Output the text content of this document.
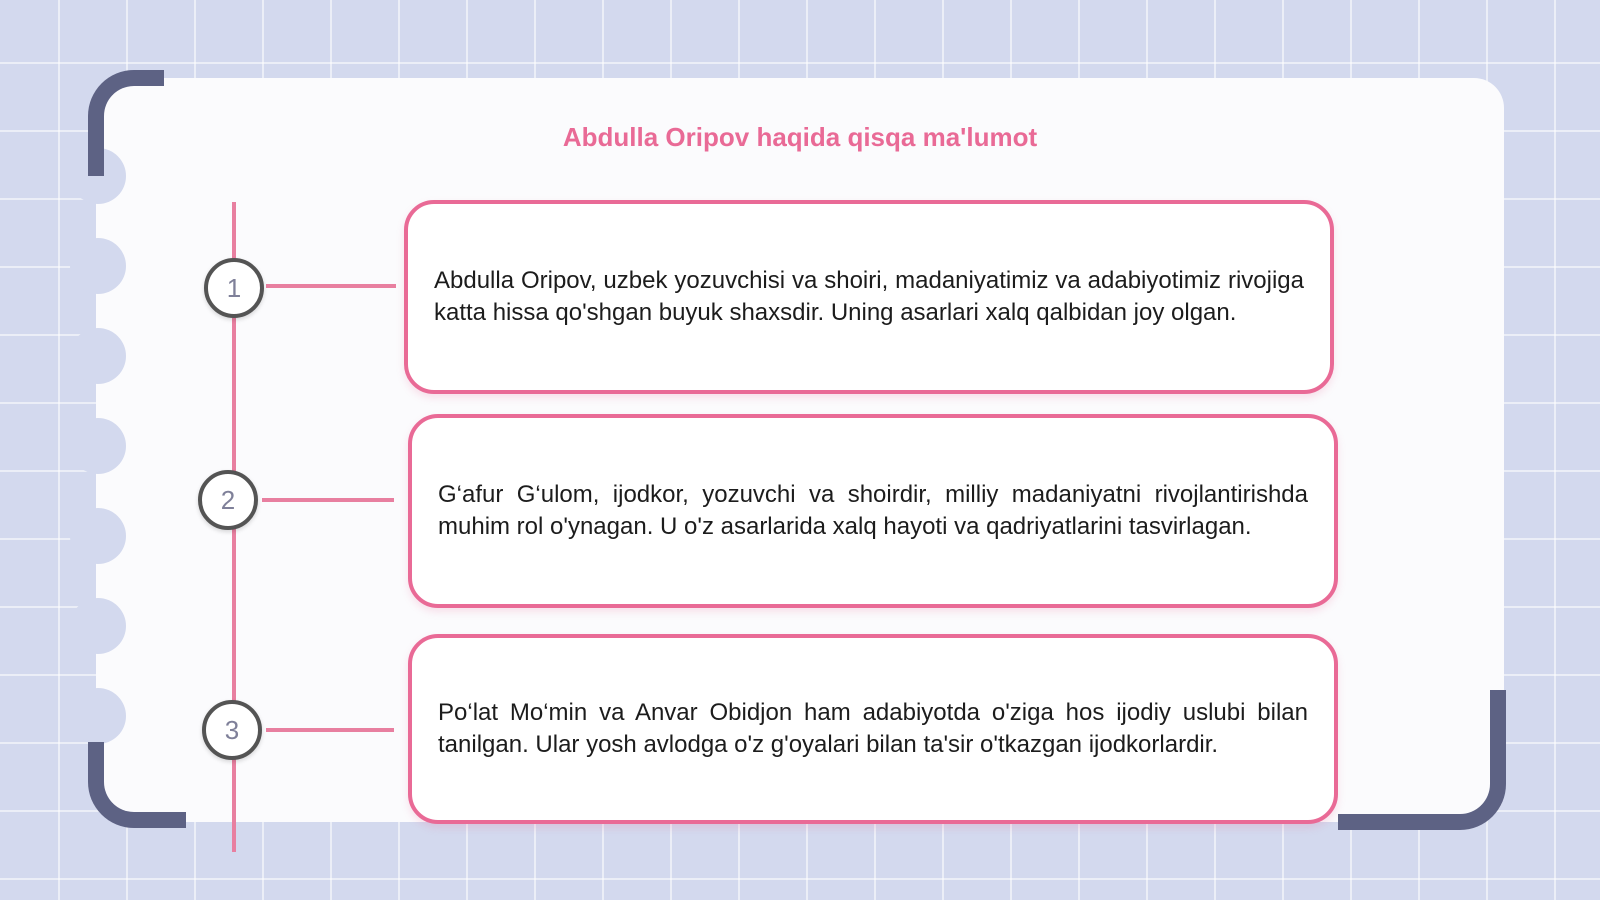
Abdulla Oripov haqida qisqa ma'lumot
1	Abdulla Oripov, uzbek yozuvchisi va shoiri, madaniyatimiz va adabiyotimiz rivojiga katta hissa qo'shgan buyuk shaxsdir. Uning asarlari xalq qalbidan joy olgan.

2	G‘afur G‘ulom, ijodkor, yozuvchi va shoirdir, milliy madaniyatni rivojlantirishda muhim rol o'ynagan. U o'z asarlarida xalq hayoti va qadriyatlarini tasvirlagan.

3

Po‘lat Mo‘min va Anvar Obidjon ham adabiyotda o'ziga hos ijodiy uslubi bilan tanilgan. Ular yosh avlodga o'z g'oyalari bilan ta'sir o'tkazgan ijodkorlardir.
